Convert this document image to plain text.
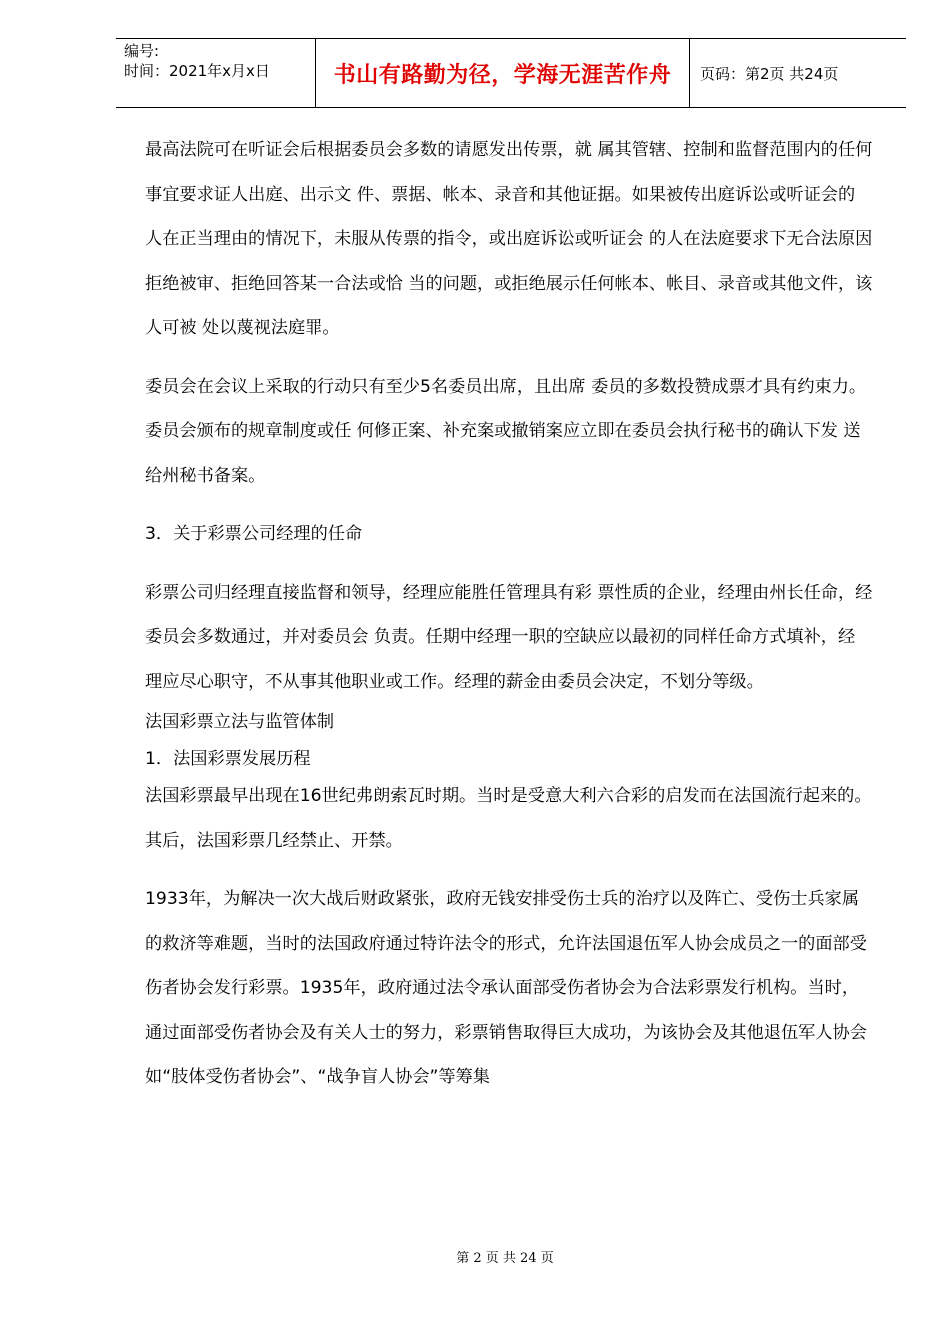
编号:
时间：2021年x月x日	书山有路勤为径，学海无涯苦作舟	页码：第2页 共24页

最高法院可在听证会后根据委员会多数的请愿发出传票，就 属其管辖、控制和监督范围内的任何事宜要求证人出庭、出示文 件、票据、帐本、录音和其他证据。如果被传出庭诉讼或听证会的 人在正当理由的情况下，未服从传票的指令，或出庭诉讼或听证会 的人在法庭要求下无合法原因拒绝被审、拒绝回答某一合法或恰 当的问题，或拒绝展示任何帐本、帐目、录音或其他文件，该人可被 处以蔑视法庭罪。

委员会在会议上采取的行动只有至少5名委员出席，且出席 委员的多数投赞成票才具有约束力。委员会颁布的规章制度或任 何修正案、补充案或撤销案应立即在委员会执行秘书的确认下发 送给州秘书备案。

3．关于彩票公司经理的任命

彩票公司归经理直接监督和领导，经理应能胜任管理具有彩 票性质的企业，经理由州长任命，经委员会多数通过，并对委员会 负责。任期中经理一职的空缺应以最初的同样任命方式填补，经 理应尽心职守，不从事其他职业或工作。经理的薪金由委员会决定，不划分等级。

法国彩票立法与监管体制

1．法国彩票发展历程

法国彩票最早出现在16世纪弗朗索瓦时期。当时是受意大利六合彩的启发而在法国流行起来的。其后，法国彩票几经禁止、开禁。

1933年，为解决一次大战后财政紧张，政府无钱安排受伤士兵的治疗以及阵亡、受伤士兵家属的救济等难题，当时的法国政府通过特许法令的形式，允许法国退伍军人协会成员之一的面部受伤者协会发行彩票。1935年，政府通过法令承认面部受伤者协会为合法彩票发行机构。当时，通过面部受伤者协会及有关人士的努力，彩票销售取得巨大成功，为该协会及其他退伍军人协会如“肢体受伤者协会”、“战争盲人协会”等筹集

第 2 页 共 24 页
